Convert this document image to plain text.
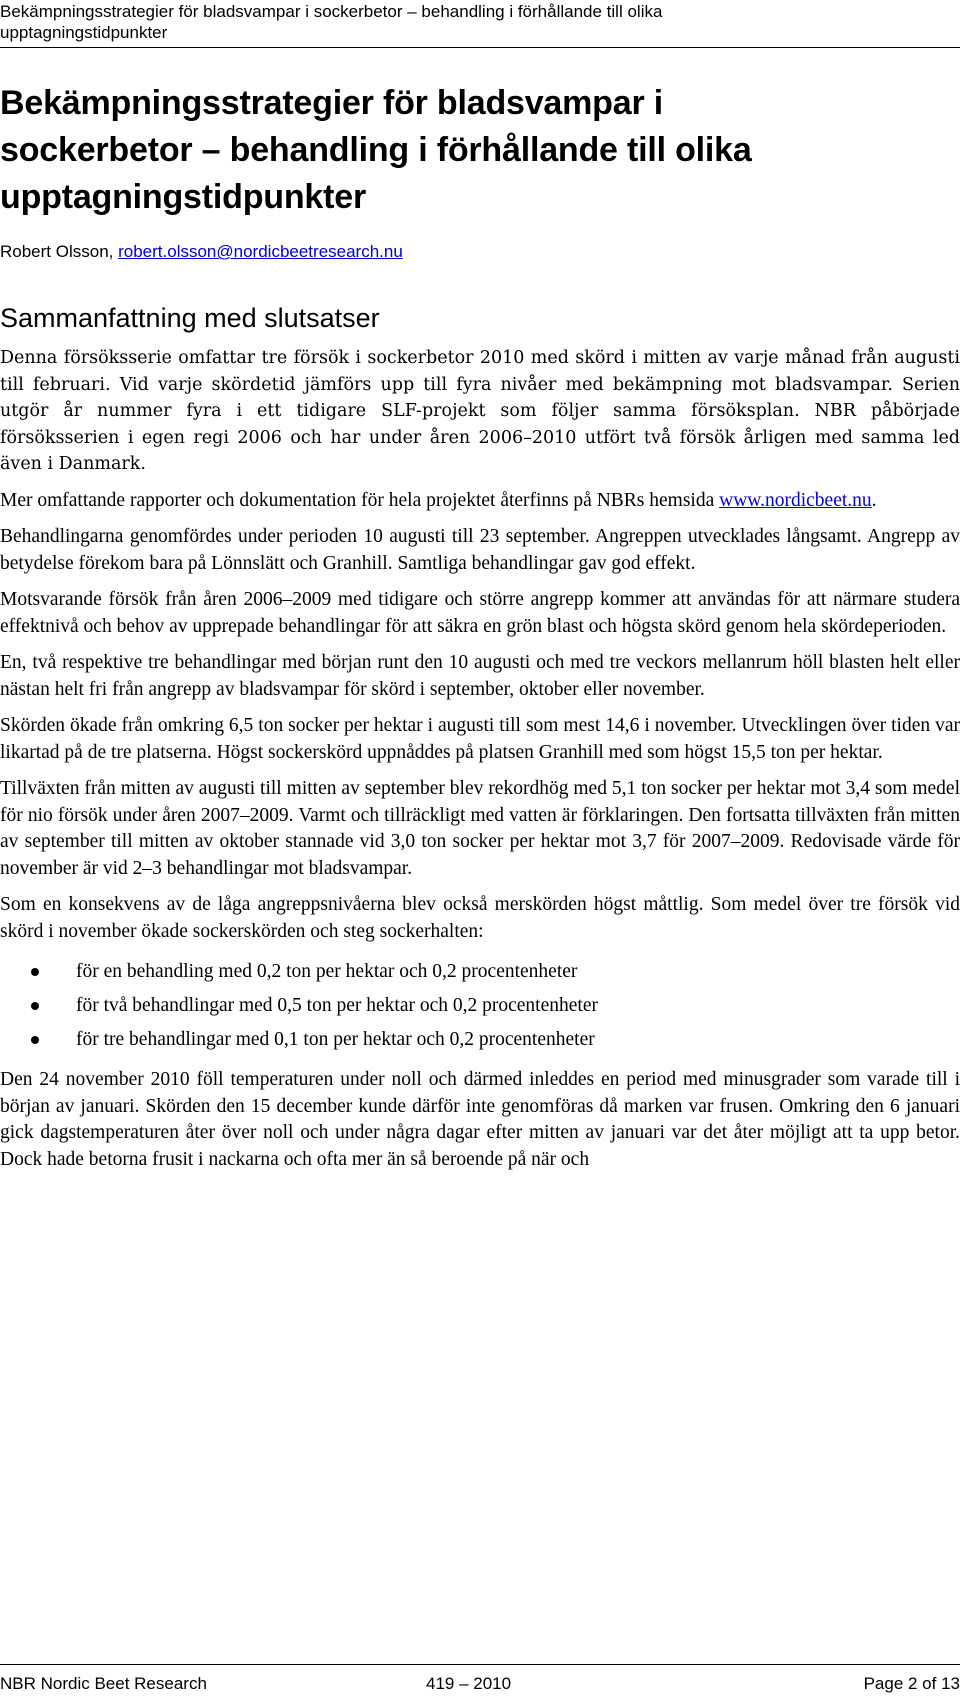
Bekämpningsstrategier för bladsvampar i sockerbetor – behandling i förhållande till olika
upptagningstidpunkter
Bekämpningsstrategier för bladsvampar i
sockerbetor – behandling i förhållande till olika
upptagningstidpunkter

Robert Olsson, robert.olsson@nordicbeetresearch.nu

Sammanfattning med slutsatser

Denna försöksserie omfattar tre försök i sockerbetor 2010 med skörd i mitten av varje månad från augusti till februari. Vid varje skördetid jämförs upp till fyra nivåer med bekämpning mot bladsvampar. Serien utgör år nummer fyra i ett tidigare SLF-projekt som följer samma försöksplan. NBR påbörjade försöksserien i egen regi 2006 och har under åren 2006–2010 utfört två försök årligen med samma led även i Danmark.

Mer omfattande rapporter och dokumentation för hela projektet återfinns på NBRs hemsida www.nordicbeet.nu.

Behandlingarna genomfördes under perioden 10 augusti till 23 september. Angreppen utvecklades långsamt. Angrepp av betydelse förekom bara på Lönnslätt och Granhill. Samtliga behandlingar gav god effekt.

Motsvarande försök från åren 2006–2009 med tidigare och större angrepp kommer att användas för att närmare studera effektnivå och behov av upprepade behandlingar för att säkra en grön blast och högsta skörd genom hela skördeperioden.

En, två respektive tre behandlingar med början runt den 10 augusti och med tre veckors mellanrum höll blasten helt eller nästan helt fri från angrepp av bladsvampar för skörd i september, oktober eller november.

Skörden ökade från omkring 6,5 ton socker per hektar i augusti till som mest 14,6 i november. Utvecklingen över tiden var likartad på de tre platserna. Högst sockerskörd uppnåddes på platsen Granhill med som högst 15,5 ton per hektar.

Tillväxten från mitten av augusti till mitten av september blev rekordhög med 5,1 ton socker per hektar mot 3,4 som medel för nio försök under åren 2007–2009. Varmt och tillräckligt med vatten är förklaringen. Den fortsatta tillväxten från mitten av september till mitten av oktober stannade vid 3,0 ton socker per hektar mot 3,7 för 2007–2009. Redovisade värde för november är vid 2–3 behandlingar mot bladsvampar.

Som en konsekvens av de låga angreppsnivåerna blev också merskörden högst måttlig. Som medel över tre försök vid skörd i november ökade sockerskörden och steg sockerhalten:

för en behandling med 0,2 ton per hektar och 0,2 procentenheter
för två behandlingar med 0,5 ton per hektar och 0,2 procentenheter
för tre behandlingar med 0,1 ton per hektar och 0,2 procentenheter

Den 24 november 2010 föll temperaturen under noll och därmed inleddes en period med minusgrader som varade till i början av januari. Skörden den 15 december kunde därför inte genomföras då marken var frusen. Omkring den 6 januari gick dagstemperaturen åter över noll och under några dagar efter mitten av januari var det åter möjligt att ta upp betor. Dock hade betorna frusit i nackarna och ofta mer än så beroende på när och

NBR Nordic Beet Research	419 – 2010	Page 2 of 13
